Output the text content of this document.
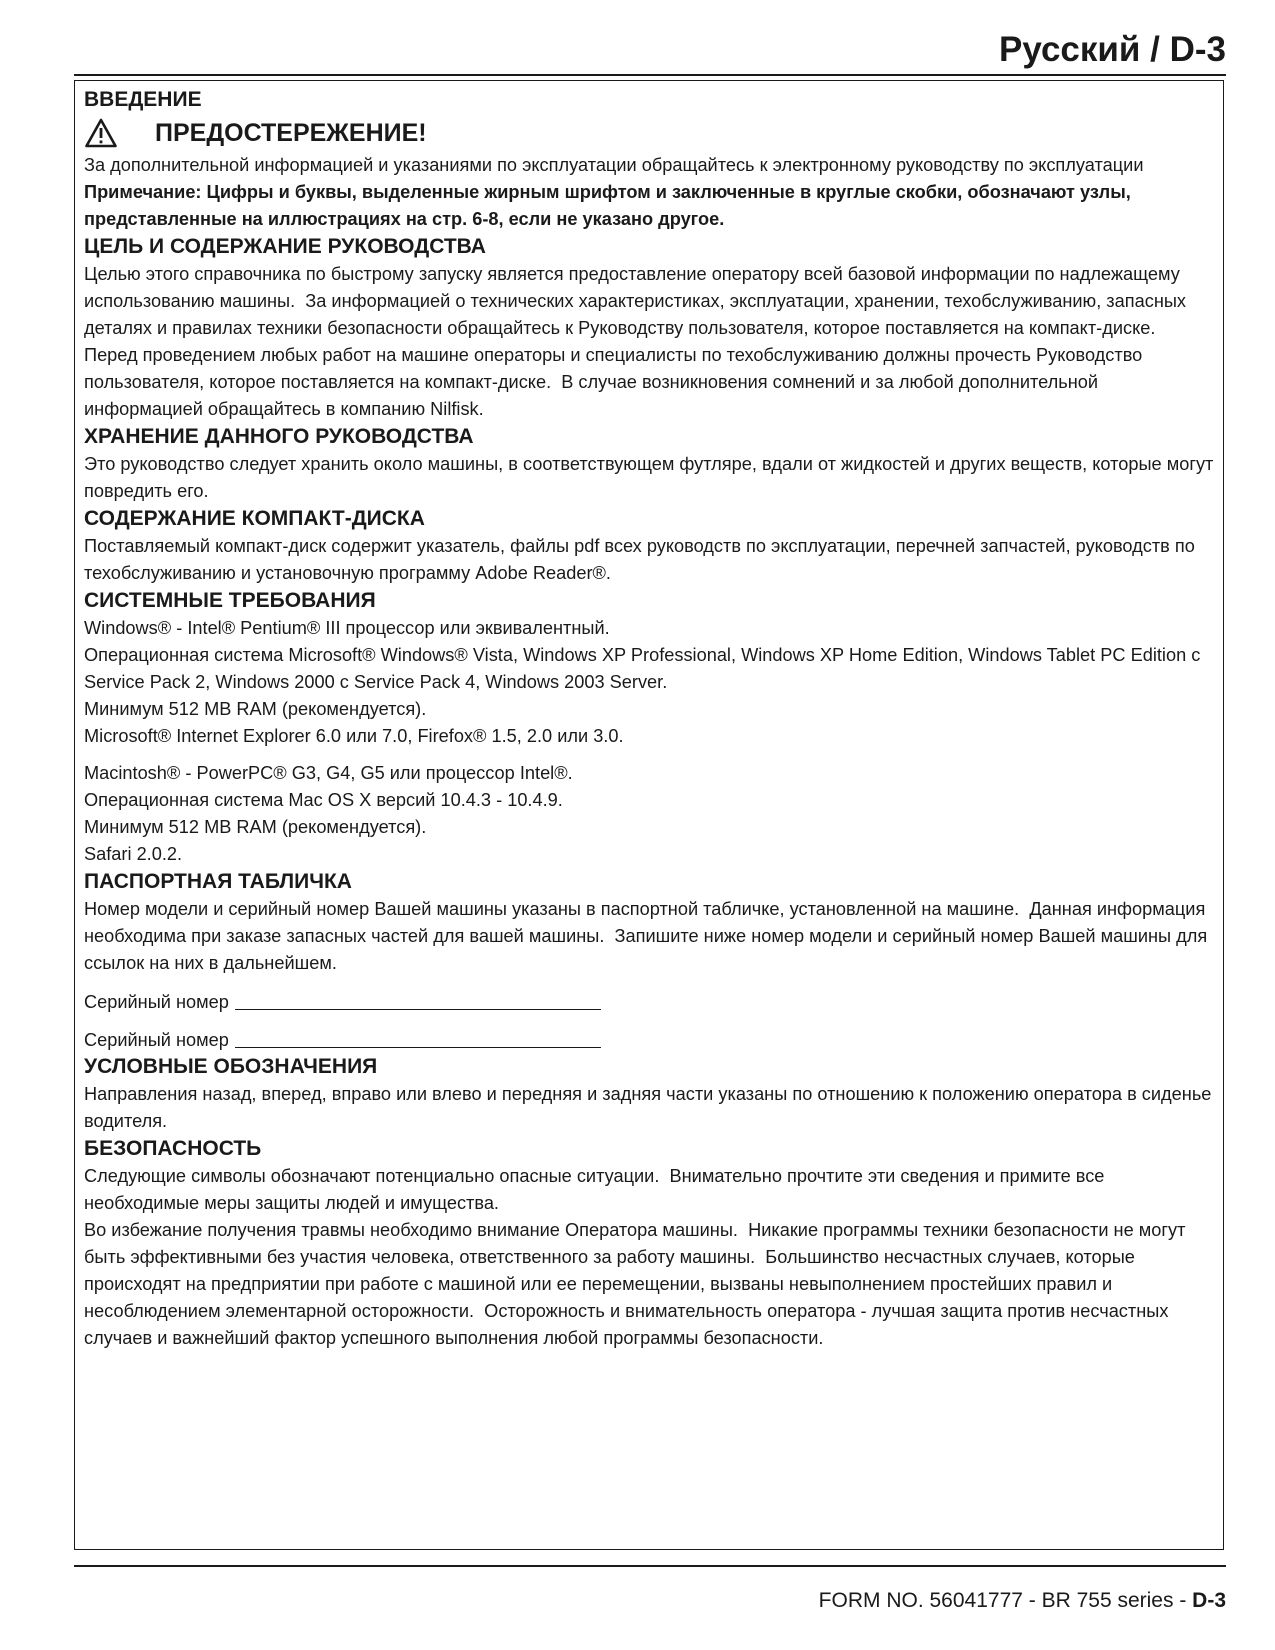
Русский / D-3

ВВЕДЕНИЕ

ПРЕДОСТЕРЕЖЕНИЕ!

За дополнительной информацией и указаниями по эксплуатации обращайтесь к электронному руководству по эксплуатации

Примечание: Цифры и буквы, выделенные жирным шрифтом и заключенные в круглые скобки, обозначают узлы, представленные на иллюстрациях на стр. 6-8, если не указано другое.

ЦЕЛЬ И СОДЕРЖАНИЕ РУКОВОДСТВА

Целью этого справочника по быстрому запуску является предоставление оператору всей базовой информации по надлежащему использованию машины.  За информацией о технических характеристиках, эксплуатации, хранении, техобслуживанию, запасных деталях и правилах техники безопасности обращайтесь к Руководству пользователя, которое поставляется на компакт-диске.  Перед проведением любых работ на машине операторы и специалисты по техобслуживанию должны прочесть Руководство пользователя, которое поставляется на компакт-диске.  В случае возникновения сомнений и за любой дополнительной информацией обращайтесь в компанию Nilfisk.

ХРАНЕНИЕ ДАННОГО РУКОВОДСТВА

Это руководство следует хранить около машины, в соответствующем футляре, вдали от жидкостей и других веществ, которые могут повредить его.

СОДЕРЖАНИЕ КОМПАКТ-ДИСКА

Поставляемый компакт-диск содержит указатель, файлы pdf всех руководств по эксплуатации, перечней запчастей, руководств по техобслуживанию и установочную программу Adobe Reader®.

СИСТЕМНЫЕ ТРЕБОВАНИЯ

Windows® - Intel® Pentium® III процессор или эквивалентный.

Операционная система Microsoft® Windows® Vista, Windows XP Professional, Windows XP Home Edition, Windows Tablet PC Edition с Service Pack 2, Windows 2000 с Service Pack 4, Windows 2003 Server.

Минимум 512 MB RAM (рекомендуется).

Microsoft® Internet Explorer 6.0 или 7.0, Firefox® 1.5, 2.0 или 3.0.

Macintosh® - PowerPC® G3, G4, G5 или процессор Intel®.

Операционная система Mac OS X версий 10.4.3 - 10.4.9.

Минимум 512 MB RAM (рекомендуется).

Safari 2.0.2.

ПАСПОРТНАЯ ТАБЛИЧКА

Номер модели и серийный номер Вашей машины указаны в паспортной табличке, установленной на машине.  Данная информация необходима при заказе запасных частей для вашей машины.  Запишите ниже номер модели и серийный номер Вашей машины для ссылок на них в дальнейшем.

Серийный номер

Серийный номер

УСЛОВНЫЕ ОБОЗНАЧЕНИЯ

Направления назад, вперед, вправо или влево и передняя и задняя части указаны по отношению к положению оператора в сиденье водителя.

БЕЗОПАСНОСТЬ

Следующие символы обозначают потенциально опасные ситуации.  Внимательно прочтите эти сведения и примите все необходимые меры защиты людей и имущества.

Во избежание получения травмы необходимо внимание Оператора машины.  Никакие программы техники безопасности не могут быть эффективными без участия человека, ответственного за работу машины.  Большинство несчастных случаев, которые происходят на предприятии при работе с машиной или ее перемещении, вызваны невыполнением простейших правил и несоблюдением элементарной осторожности.  Осторожность и внимательность оператора - лучшая защита против несчастных случаев и важнейший фактор успешного выполнения любой программы безопасности.

FORM NO. 56041777 - BR 755 series - D-3
